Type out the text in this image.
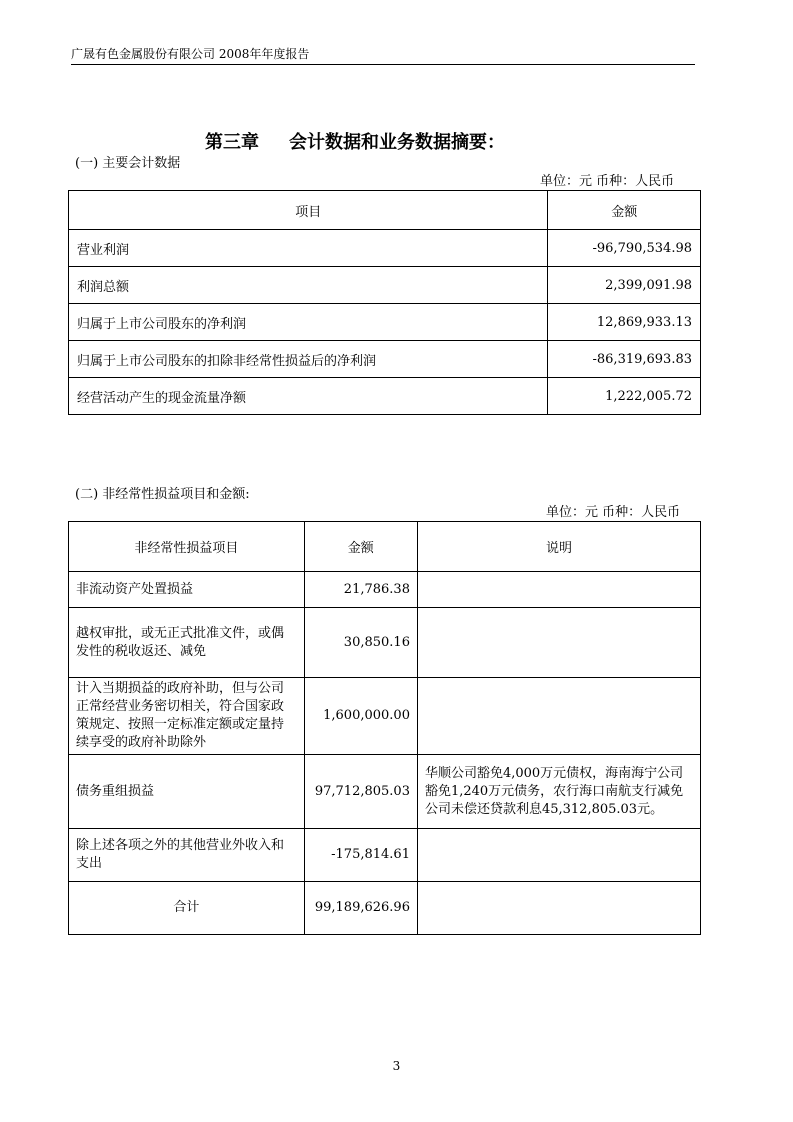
广晟有色金属股份有限公司 2008年年度报告
第三章 会计数据和业务数据摘要：
(一) 主要会计数据
单位：元 币种：人民币
项目	金额
营业利润	-96,790,534.98
利润总额	2,399,091.98
归属于上市公司股东的净利润	12,869,933.13
归属于上市公司股东的扣除非经常性损益后的净利润	-86,319,693.83
经营活动产生的现金流量净额	1,222,005.72
(二) 非经常性损益项目和金额:
单位：元 币种：人民币
非经常性损益项目	金额	说明
非流动资产处置损益	21,786.38	
越权审批，或无正式批准文件，或偶发性的税收返还、减免	30,850.16	
计入当期损益的政府补助，但与公司正常经营业务密切相关，符合国家政策规定、按照一定标准定额或定量持续享受的政府补助除外	1,600,000.00	
债务重组损益	97,712,805.03	华顺公司豁免4,000万元债权，海南海宁公司豁免1,240万元债务，农行海口南航支行减免公司未偿还贷款利息45,312,805.03元。
除上述各项之外的其他营业外收入和支出	-175,814.61	
合计	99,189,626.96	
3
